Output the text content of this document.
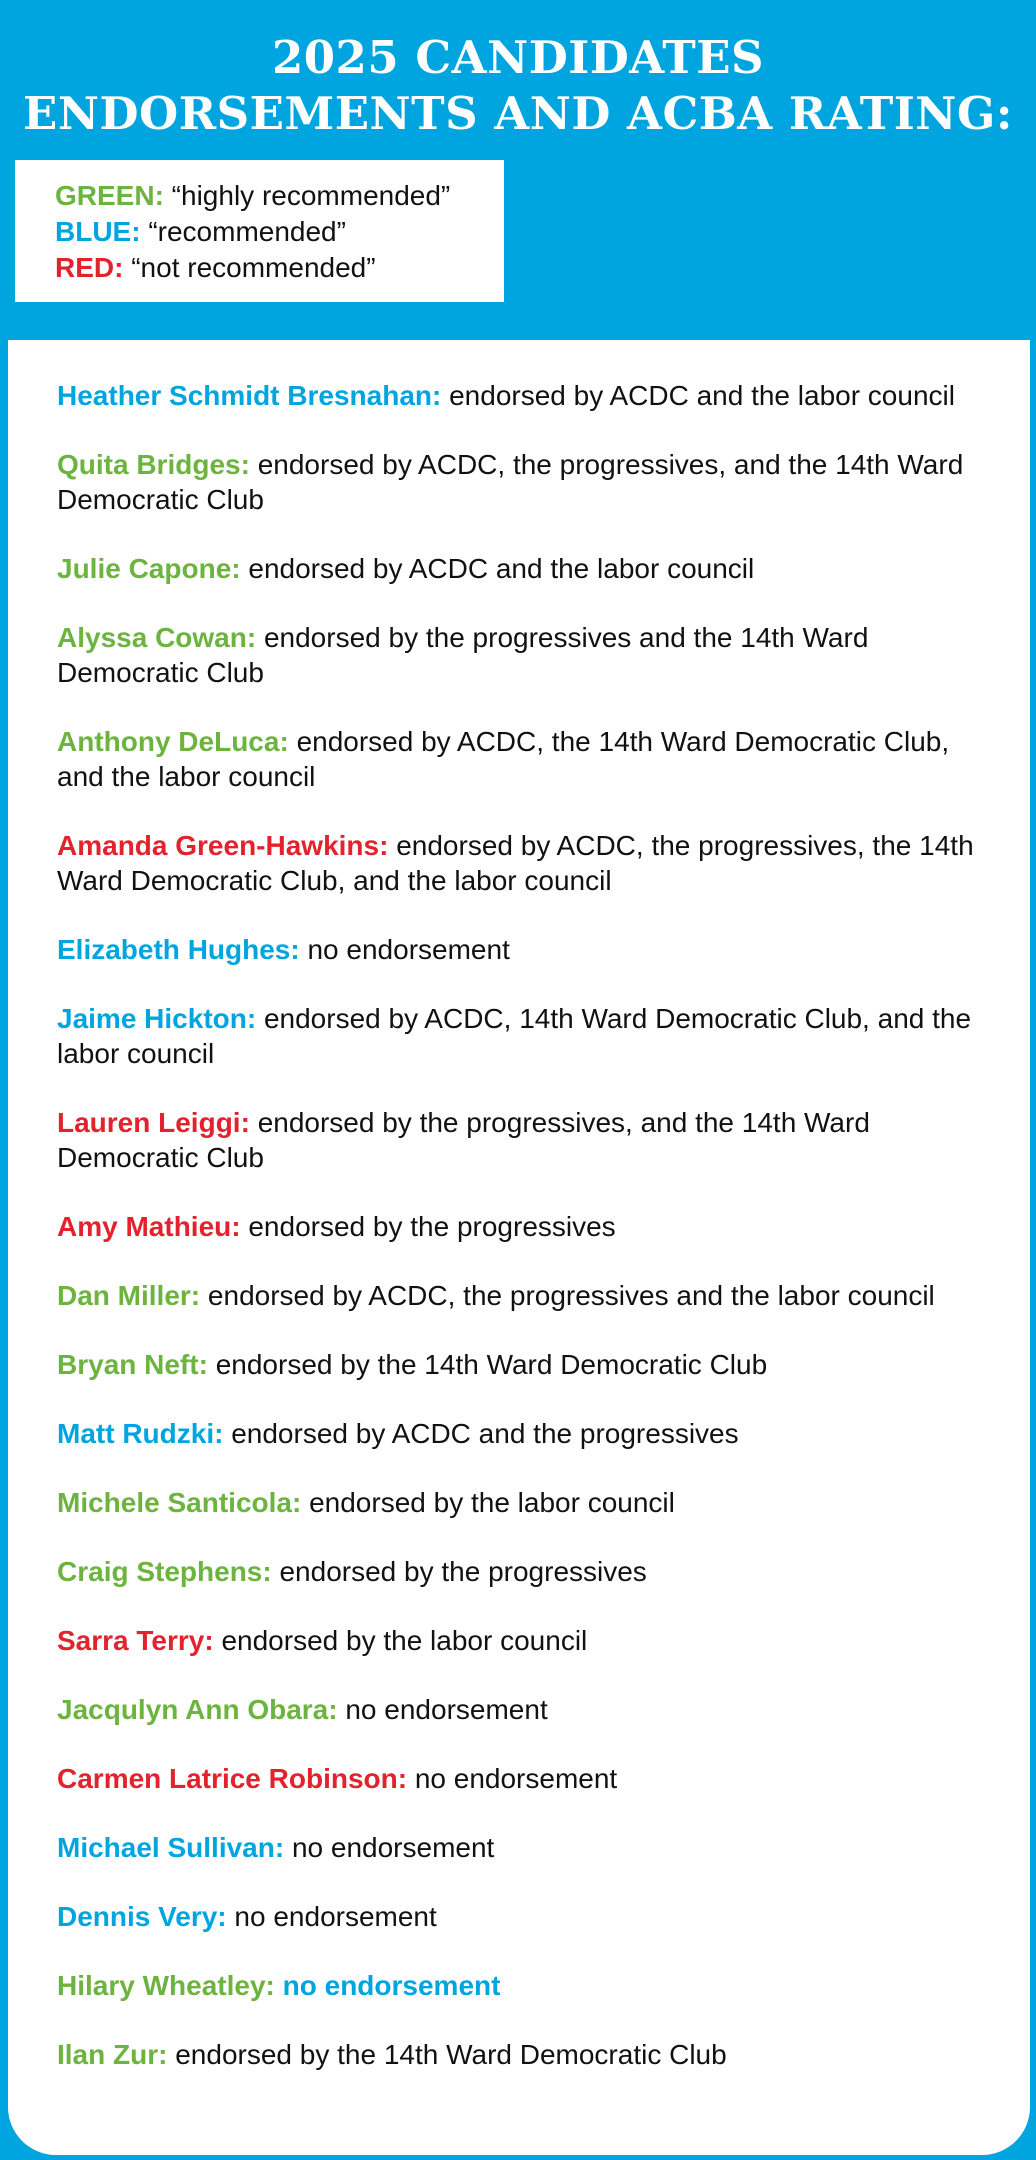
2025 CANDIDATES
ENDORSEMENTS AND ACBA RATING:
GREEN: “highly recommended”
BLUE: “recommended”
RED: “not recommended”
Heather Schmidt Bresnahan: endorsed by ACDC and the labor council
Quita Bridges: endorsed by ACDC, the progressives, and the 14th Ward Democratic Club
Julie Capone: endorsed by ACDC and the labor council
Alyssa Cowan: endorsed by the progressives and the 14th Ward Democratic Club
Anthony DeLuca: endorsed by ACDC, the 14th Ward Democratic Club, and the labor council
Amanda Green-Hawkins: endorsed by ACDC, the progressives, the 14th Ward Democratic Club, and the labor council
Elizabeth Hughes: no endorsement
Jaime Hickton: endorsed by ACDC, 14th Ward Democratic Club, and the labor council
Lauren Leiggi: endorsed by the progressives, and the 14th Ward Democratic Club
Amy Mathieu: endorsed by the progressives
Dan Miller: endorsed by ACDC, the progressives and the labor council
Bryan Neft: endorsed by the 14th Ward Democratic Club
Matt Rudzki: endorsed by ACDC and the progressives
Michele Santicola: endorsed by the labor council
Craig Stephens: endorsed by the progressives
Sarra Terry: endorsed by the labor council
Jacqulyn Ann Obara: no endorsement
Carmen Latrice Robinson: no endorsement
Michael Sullivan: no endorsement
Dennis Very: no endorsement
Hilary Wheatley: no endorsement
Ilan Zur: endorsed by the 14th Ward Democratic Club
